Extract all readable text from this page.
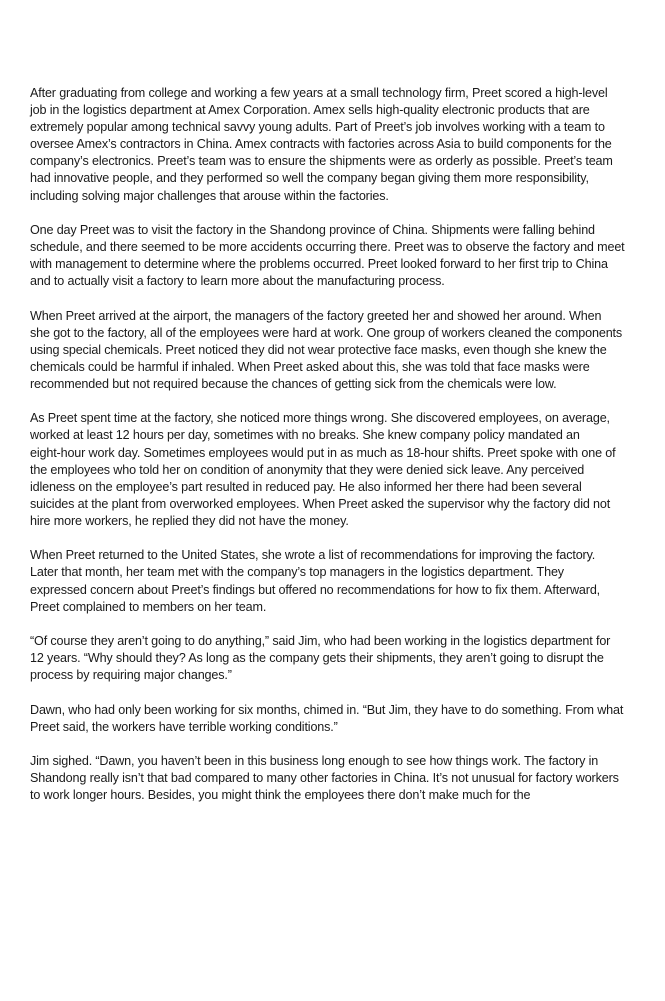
After graduating from college and working a few years at a small technology firm, Preet scored a high-level
job in the logistics department at Amex Corporation. Amex sells high-quality electronic products that are
extremely popular among technical savvy young adults. Part of Preet’s job involves working with a team to
oversee Amex’s contractors in China. Amex contracts with factories across Asia to build components for the
company’s electronics. Preet’s team was to ensure the shipments were as orderly as possible. Preet’s team
had innovative people, and they performed so well the company began giving them more responsibility,
including solving major challenges that arouse within the factories.

One day Preet was to visit the factory in the Shandong province of China. Shipments were falling behind
schedule, and there seemed to be more accidents occurring there. Preet was to observe the factory and meet
with management to determine where the problems occurred. Preet looked forward to her first trip to China
and to actually visit a factory to learn more about the manufacturing process.

When Preet arrived at the airport, the managers of the factory greeted her and showed her around. When
she got to the factory, all of the employees were hard at work. One group of workers cleaned the components
using special chemicals. Preet noticed they did not wear protective face masks, even though she knew the
chemicals could be harmful if inhaled. When Preet asked about this, she was told that face masks were
recommended but not required because the chances of getting sick from the chemicals were low.

As Preet spent time at the factory, she noticed more things wrong. She discovered employees, on average,
worked at least 12 hours per day, sometimes with no breaks. She knew company policy mandated an
eight-hour work day. Sometimes employees would put in as much as 18-hour shifts. Preet spoke with one of
the employees who told her on condition of anonymity that they were denied sick leave. Any perceived
idleness on the employee’s part resulted in reduced pay. He also informed her there had been several
suicides at the plant from overworked employees. When Preet asked the supervisor why the factory did not
hire more workers, he replied they did not have the money.

When Preet returned to the United States, she wrote a list of recommendations for improving the factory.
Later that month, her team met with the company’s top managers in the logistics department. They
expressed concern about Preet’s findings but offered no recommendations for how to fix them. Afterward,
Preet complained to members on her team.

“Of course they aren’t going to do anything,” said Jim, who had been working in the logistics department for
12 years. “Why should they? As long as the company gets their shipments, they aren’t going to disrupt the
process by requiring major changes.”

Dawn, who had only been working for six months, chimed in. “But Jim, they have to do something. From what
Preet said, the workers have terrible working conditions.”

Jim sighed. “Dawn, you haven’t been in this business long enough to see how things work. The factory in
Shandong really isn’t that bad compared to many other factories in China. It’s not unusual for factory workers
to work longer hours. Besides, you might think the employees there don’t make much for the
